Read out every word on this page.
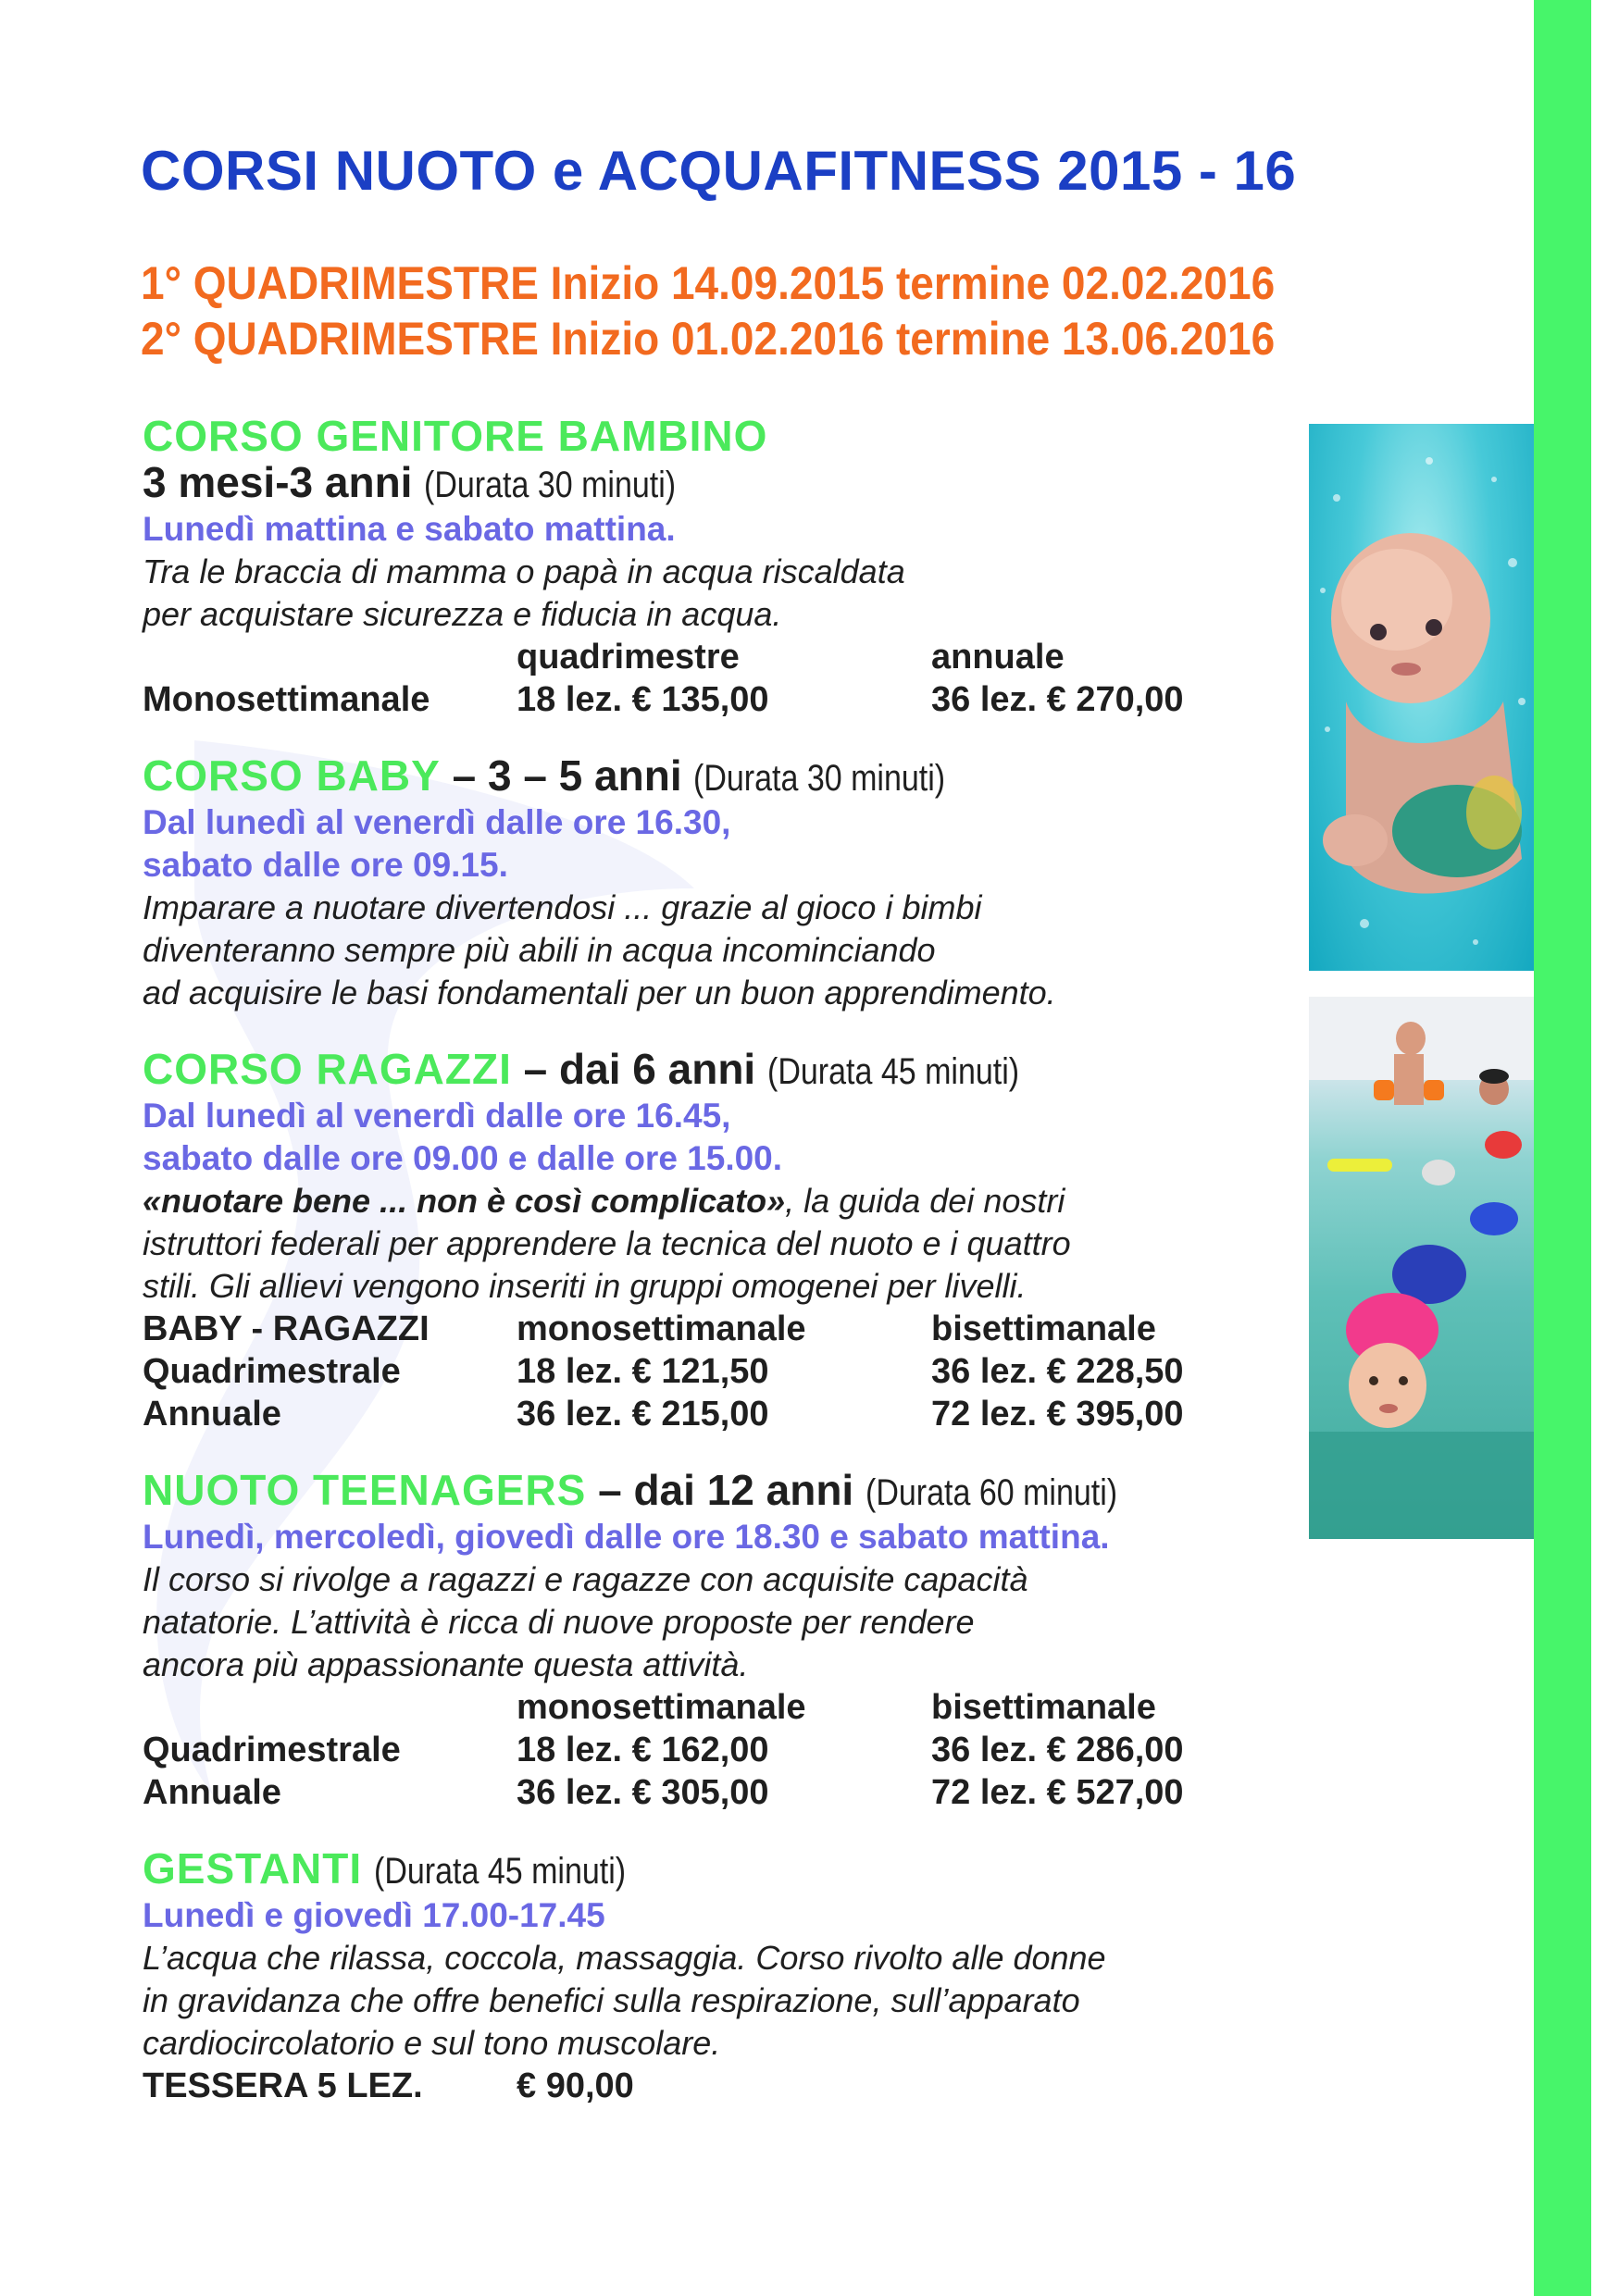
CORSI NUOTO e ACQUAFITNESS 2015 - 16
1° QUADRIMESTRE Inizio 14.09.2015 termine 02.02.2016
2° QUADRIMESTRE Inizio 01.02.2016 termine 13.06.2016
CORSO GENITORE BAMBINO
3 mesi-3 anni (Durata 30 minuti)
Lunedì mattina e sabato mattina.
Tra le braccia di mamma o papà in acqua riscaldata
per acquistare sicurezza e fiducia in acqua.
quadrimestre	annuale
Monosettimanale	18 lez. € 135,00	36 lez. € 270,00
CORSO BABY – 3 – 5 anni (Durata 30 minuti)
Dal lunedì al venerdì dalle ore 16.30,
sabato dalle ore 09.15.
Imparare a nuotare divertendosi ... grazie al gioco i bimbi
diventeranno sempre più abili in acqua incominciando
ad acquisire le basi fondamentali per un buon apprendimento.
CORSO RAGAZZI – dai 6 anni (Durata 45 minuti)
Dal lunedì al venerdì dalle ore 16.45,
sabato dalle ore 09.00 e dalle ore 15.00.
«nuotare bene ... non è così complicato», la guida dei nostri
istruttori federali per apprendere la tecnica del nuoto e i quattro
stili. Gli allievi vengono inseriti in gruppi omogenei per livelli.
BABY - RAGAZZI	monosettimanale	bisettimanale
Quadrimestrale	18 lez. € 121,50	36 lez. € 228,50
Annuale	36 lez. € 215,00	72 lez. € 395,00
NUOTO TEENAGERS – dai 12 anni (Durata 60 minuti)
Lunedì, mercoledì, giovedì dalle ore 18.30 e sabato mattina.
Il corso si rivolge a ragazzi e ragazze con acquisite capacità
natatorie. L’attività è ricca di nuove proposte per rendere
ancora più appassionante questa attività.
monosettimanale	bisettimanale
Quadrimestrale	18 lez. € 162,00	36 lez. € 286,00
Annuale	36 lez. € 305,00	72 lez. € 527,00
GESTANTI (Durata 45 minuti)
Lunedì e giovedì 17.00-17.45
L’acqua che rilassa, coccola, massaggia. Corso rivolto alle donne
in gravidanza che offre benefici sulla respirazione, sull’apparato
cardiocircolatorio e sul tono muscolare.
TESSERA 5 LEZ.	€ 90,00
